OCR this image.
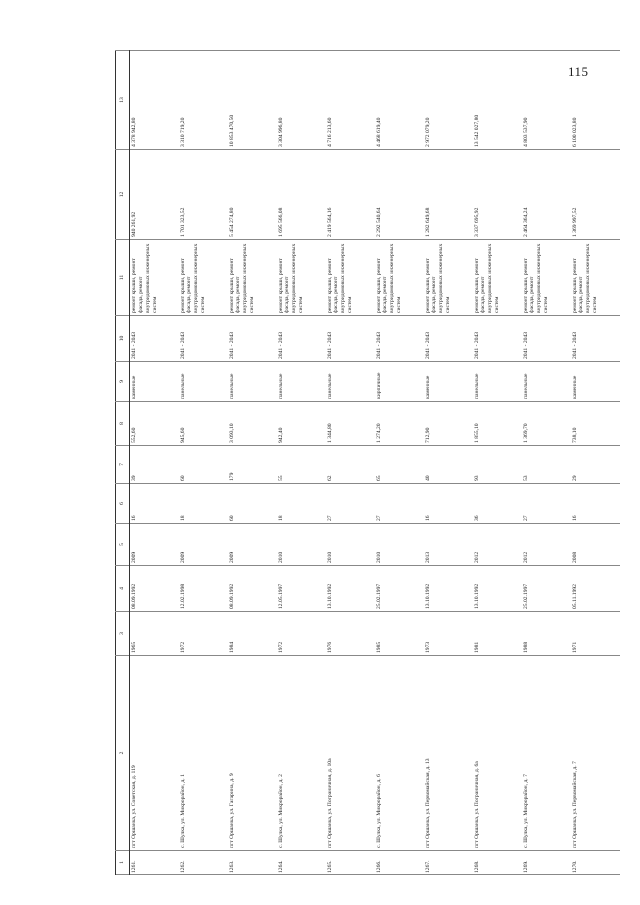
115
1	2	3	4	5	6	7	8	9	10	11	12	13
1261.	пгт Оршанка, ул. Советская, д. 119	1965	08.09.1992	2009	16	39	552,60	каменные	2041 - 2043	ремонт крыши, ремонт фасада, ремонт внутридомовых инженерных систем	940 261,92	4 378 942,80
1262.	с. Шулка, ул. Микрорайон, д. 1	1972	12.02.1998	2009	18	60	945,60	панельные	2041 - 2043	ремонт крыши, ремонт фасада, ремонт внутридомовых инженерных систем	1 701 323,52	3 310 719,20
1263.	пгт Оршанка, ул. Гагарина, д. 9	1984	08.09.1992	2009	60	179	3 093,10	панельные	2041 - 2043	ремонт крыши, ремонт фасада, ремонт внутридомовых инженерных систем	5 454 274,80	10 853 470,50
1264.	с. Шулка, ул. Микрорайон, д. 2	1972	12.05.1997	2010	18	55	942,40	панельные	2041 - 2043	ремонт крыши, ремонт фасада, ремонт внутридомовых инженерных систем	1 695 566,08	3 304 996,80
1265.	пгт Оршанка, ул. Пограничная, д. 10а	1976	13.10.1992	2010	27	62	1 344,80	панельные	2041 - 2043	ремонт крыши, ремонт фасада, ремонт внутридомовых инженерных систем	2 419 564,16	4 716 213,60
1266.	с. Шулка, ул. Микрорайон, д. 6	1985	25.02.1997	2010	27	65	1 274,20	кирпичные	2041 - 2043	ремонт крыши, ремонт фасада, ремонт внутридомовых инженерных систем	2 292 540,64	4 468 619,40
1267.	пгт Оршанка, ул. Первомайская, д. 13	1973	13.10.1992	2013	16	40	712,90	каменные	2041 - 2043	ремонт крыши, ремонт фасада, ремонт внутридомовых инженерных систем	1 282 649,68	2 972 079,20
1268.	пгт Оршанка, ул. Пограничная, д. 6а	1981	13.10.1992	2012	36	93	1 855,10	панельные	2041 - 2043	ремонт крыши, ремонт фасада, ремонт внутридомовых инженерных систем	3 337 695,92	13 542 027,80
1269.	с. Шулка, ул. Микрорайон, д. 7	1988	25.02.1997	2012	27	53	1 369,70	панельные	2041 - 2043	ремонт крыши, ремонт фасада, ремонт внутридомовых инженерных систем	2 464 364,24	4 803 537,90
1270.	пгт Оршанка, ул. Первомайская, д. 7	1971	05.11.1992	2008	16	29	738,10	каменные	2041 - 2043	ремонт крыши, ремонт фасада, ремонт внутридомовых инженерных систем	1 369 997,52	6 100 023,80
